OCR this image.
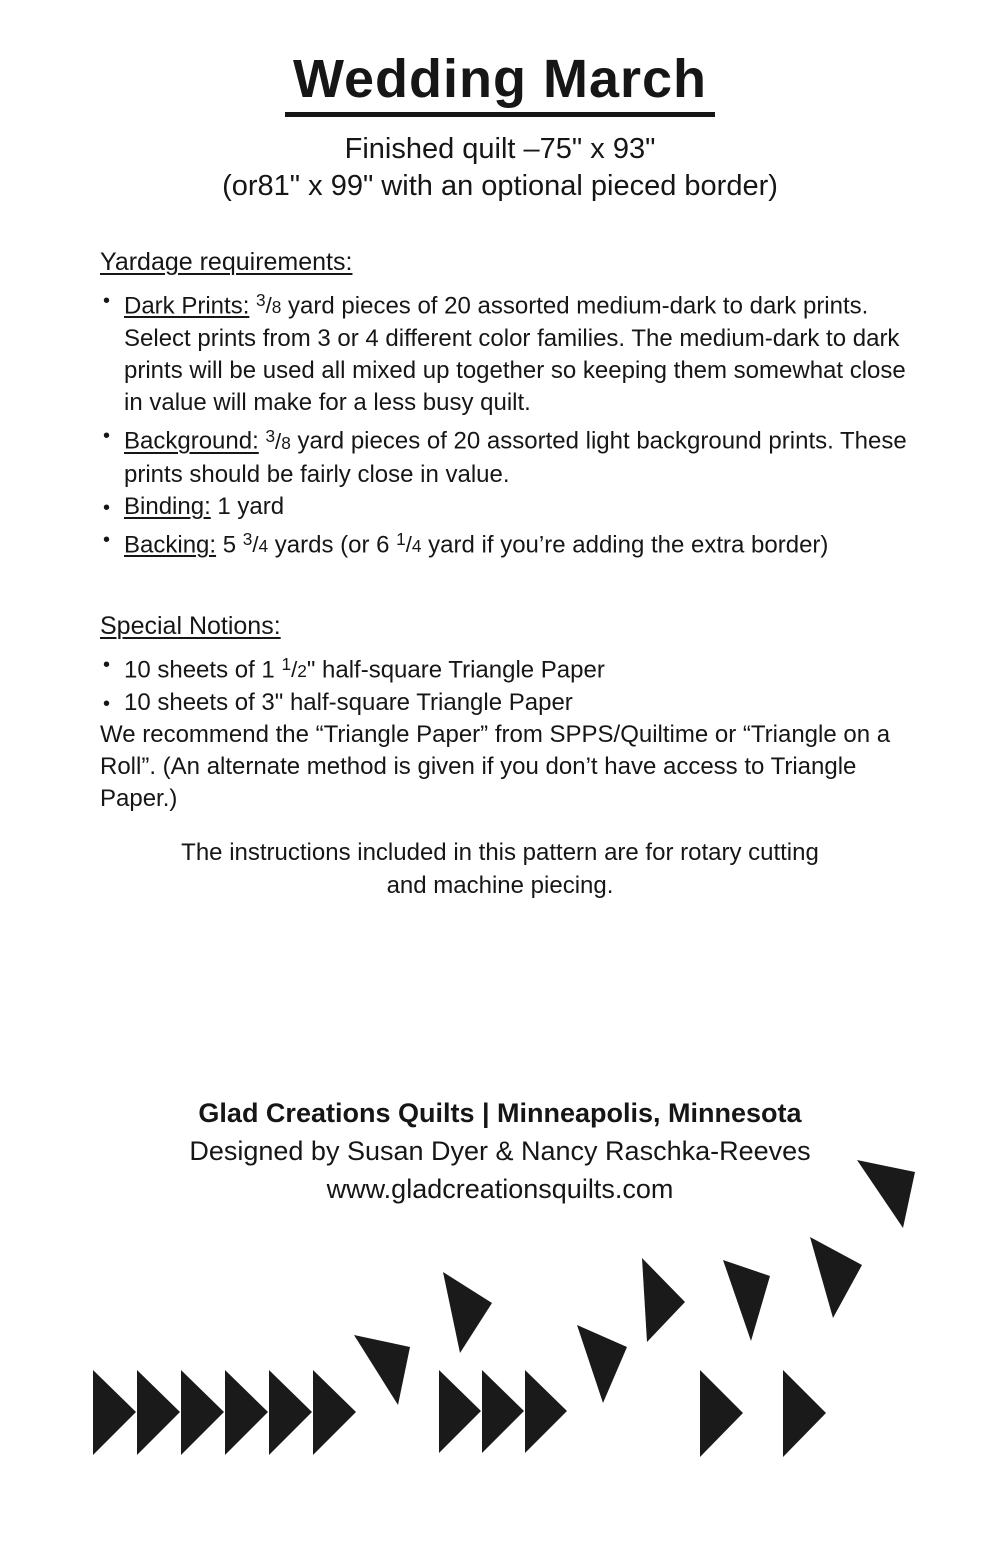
Wedding March
Finished quilt –75" x 93"
(or81" x 99" with an optional pieced border)
Yardage requirements:
• Dark Prints: $^3$/8 yard pieces of 20 assorted medium-dark to dark prints. Select prints from 3 or 4 different color families. The medium-dark to dark prints will be used all mixed up together so keeping them somewhat close in value will make for a less busy quilt.
• Background: $^3$/8 yard pieces of 20 assorted light background prints. These prints should be fairly close in value.
• Binding: 1 yard
• Backing: 5 $^3$/4 yards (or 6 $^1$/4 yard if you’re adding the extra border)
Special Notions:
• 10 sheets of 1 $^1$/2" half-square Triangle Paper
• 10 sheets of 3" half-square Triangle Paper
We recommend the “Triangle Paper” from SPPS/Quiltime or “Triangle on a Roll”. (An alternate method is given if you don’t have access to Triangle Paper.)
The instructions included in this pattern are for rotary cutting
and machine piecing.
Glad Creations Quilts | Minneapolis, Minnesota
Designed by Susan Dyer & Nancy Raschka-Reeves
www.gladcreationsquilts.com
